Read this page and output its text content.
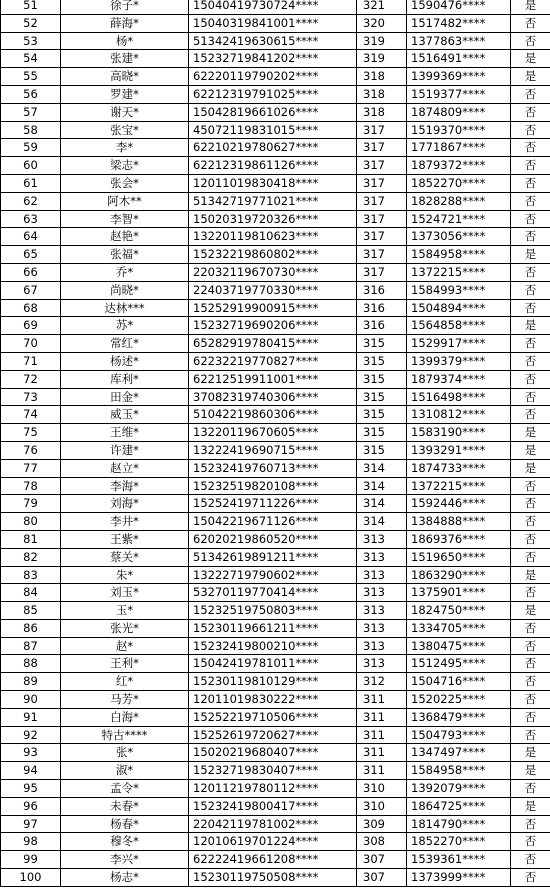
51	徐子*	15040419730724****	321	1590476****	是
52	薛海*	15040319841001****	320	1517482****	否
53	杨*	51342419630615****	319	1377863****	否
54	张建*	15232719841202****	319	1516491****	是
55	高晓*	62220119790202****	318	1399369****	是
56	罗建*	62212319791025****	318	1519377****	否
57	谢天*	15042819661026****	318	1874809****	否
58	张宝*	45072119831015****	317	1519370****	否
59	李*	62210219780627****	317	1771867****	否
60	梁志*	62212319861126****	317	1879372****	否
61	张会*	12011019830418****	317	1852270****	否
62	阿木**	51342719771021****	317	1828288****	否
63	李智*	15020319720326****	317	1524721****	否
64	赵艳*	13220119810623****	317	1373056****	否
65	张福*	15232219860802****	317	1584958****	是
66	乔*	22032119670730****	317	1372215****	否
67	尚晓*	22403719770330****	316	1584993****	否
68	达林***	15252919900915****	316	1504894****	否
69	苏*	15232719690206****	316	1564858****	是
70	常红*	65282919780415****	315	1529917****	否
71	杨述*	62232219770827****	315	1399379****	否
72	库利*	62212519911001****	315	1879374****	否
73	田金*	37082319740306****	315	1516498****	否
74	威玉*	51042219860306****	315	1310812****	否
75	王维*	13220119670605****	315	1583190****	是
76	许建*	13222419690715****	315	1393291****	是
77	赵立*	15232419760713****	314	1874733****	是
78	李海*	15232519820108****	314	1372215****	否
79	刘海*	15252419711226****	314	1592446****	否
80	李井*	15042219671126****	314	1384888****	否
81	王紫*	62020219860520****	313	1869376****	否
82	蔡关*	51342619891211****	313	1519650****	否
83	朱*	13222719790602****	313	1863290****	是
84	刘玉*	53270119770414****	313	1375901****	否
85	玉*	15232519750803****	313	1824750****	是
86	张光*	15230119661211****	313	1334705****	否
87	赵*	15232419800210****	313	1380475****	否
88	王利*	15042419781011****	313	1512495****	否
89	红*	15230119810129****	312	1504716****	否
90	马芳*	12011019830222****	311	1520225****	否
91	白海*	15252219710506****	311	1368479****	否
92	特古****	15252619720627****	311	1504793****	否
93	张*	15020219680407****	311	1347497****	是
94	淑*	15232719830407****	311	1584958****	是
95	孟令*	12011219780112****	310	1392079****	否
96	未春*	15232419800417****	310	1864725****	是
97	杨春*	22042119781002****	309	1814790****	否
98	穆冬*	12010619701224****	308	1852270****	否
99	李兴*	62222419661208****	307	1539361****	否
100	杨志*	15230119750508****	307	1373999****	否
